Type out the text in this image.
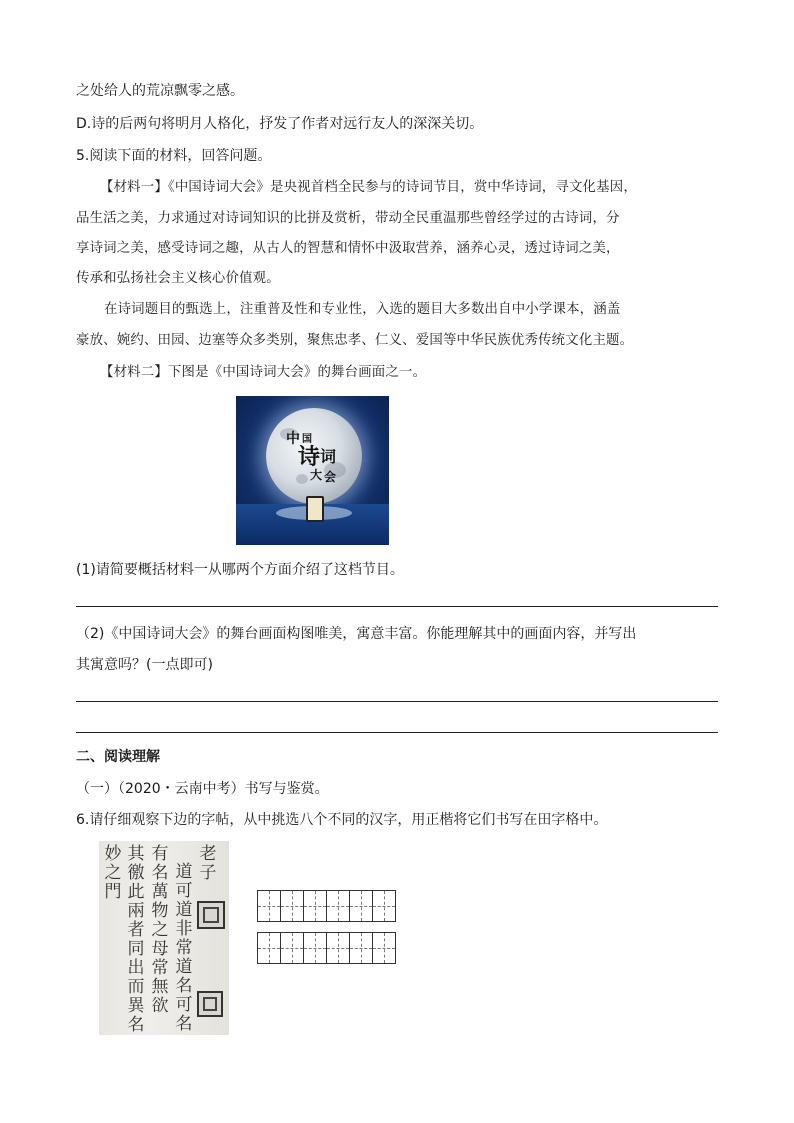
之处给人的荒凉飘零之感。
D.诗的后两句将明月人格化，抒发了作者对远行友人的深深关切。
5.阅读下面的材料，回答问题。
【材料一】《中国诗词大会》是央视首档全民参与的诗词节目，赏中华诗词，寻文化基因，
品生活之美，力求通过对诗词知识的比拼及赏析，带动全民重温那些曾经学过的古诗词，分
享诗词之美，感受诗词之趣，从古人的智慧和情怀中汲取营养，涵养心灵，透过诗词之美，
传承和弘扬社会主义核心价值观。
在诗词题目的甄选上，注重普及性和专业性，入选的题目大多数出自中小学课本，涵盖
豪放、婉约、田园、边塞等众多类别，聚焦忠孝、仁义、爱国等中华民族优秀传统文化主题。
【材料二】下图是《中国诗词大会》的舞台画面之一。
中 国
诗 词
大 会
(1)请简要概括材料一从哪两个方面介绍了这档节目。
（2)《中国诗词大会》的舞台画面构图唯美，寓意丰富。你能理解其中的画面内容，并写出
其寓意吗？(一点即可)
二、阅读理解
（一）（2020・云南中考）书写与鉴赏。
6.请仔细观察下边的字帖，从中挑选八个不同的汉字，用正楷将它们书写在田字格中。
妙之門
其徼此兩者同出而異名
有名萬物之母常無欲
道可道非常道名可名
老子
